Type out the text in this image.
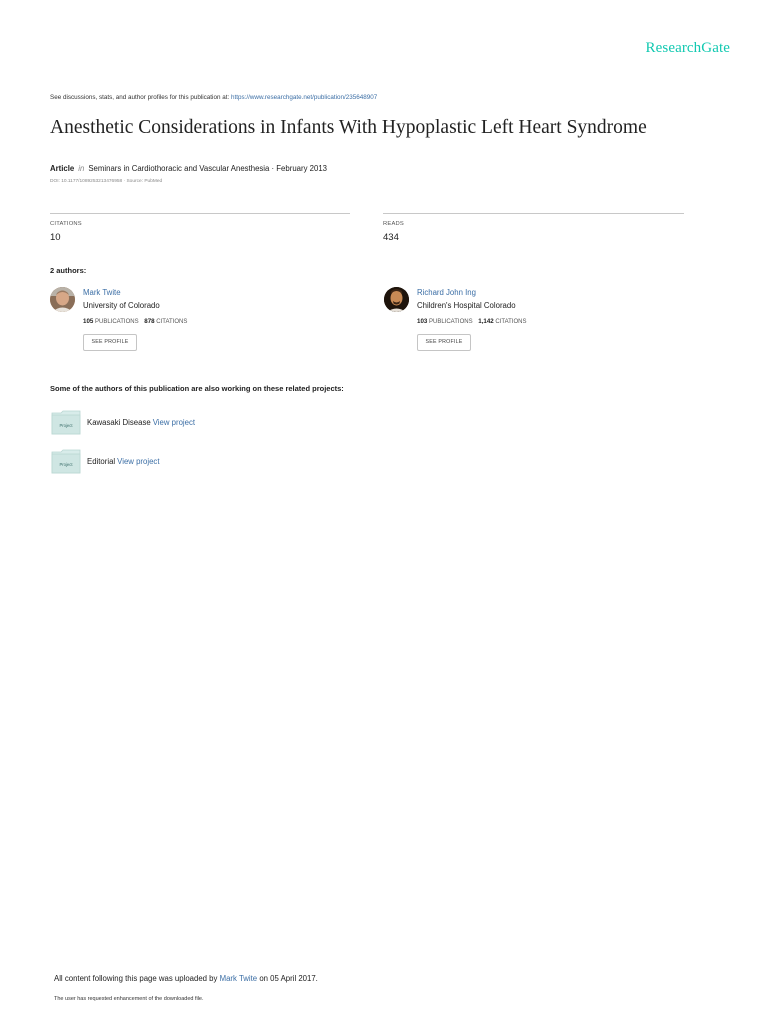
ResearchGate
See discussions, stats, and author profiles for this publication at: https://www.researchgate.net/publication/235648907
Anesthetic Considerations in Infants With Hypoplastic Left Heart Syndrome
Article in Seminars in Cardiothoracic and Vascular Anesthesia · February 2013
DOI: 10.1177/1089253213476958 · Source: PubMed
CITATIONS
10
READS
434
2 authors:
Mark Twite
University of Colorado
105 PUBLICATIONS 878 CITATIONS
SEE PROFILE
Richard John Ing
Children's Hospital Colorado
103 PUBLICATIONS 1,142 CITATIONS
SEE PROFILE
Some of the authors of this publication are also working on these related projects:
Project Kawasaki Disease View project
Project Editorial View project
All content following this page was uploaded by Mark Twite on 05 April 2017.
The user has requested enhancement of the downloaded file.
